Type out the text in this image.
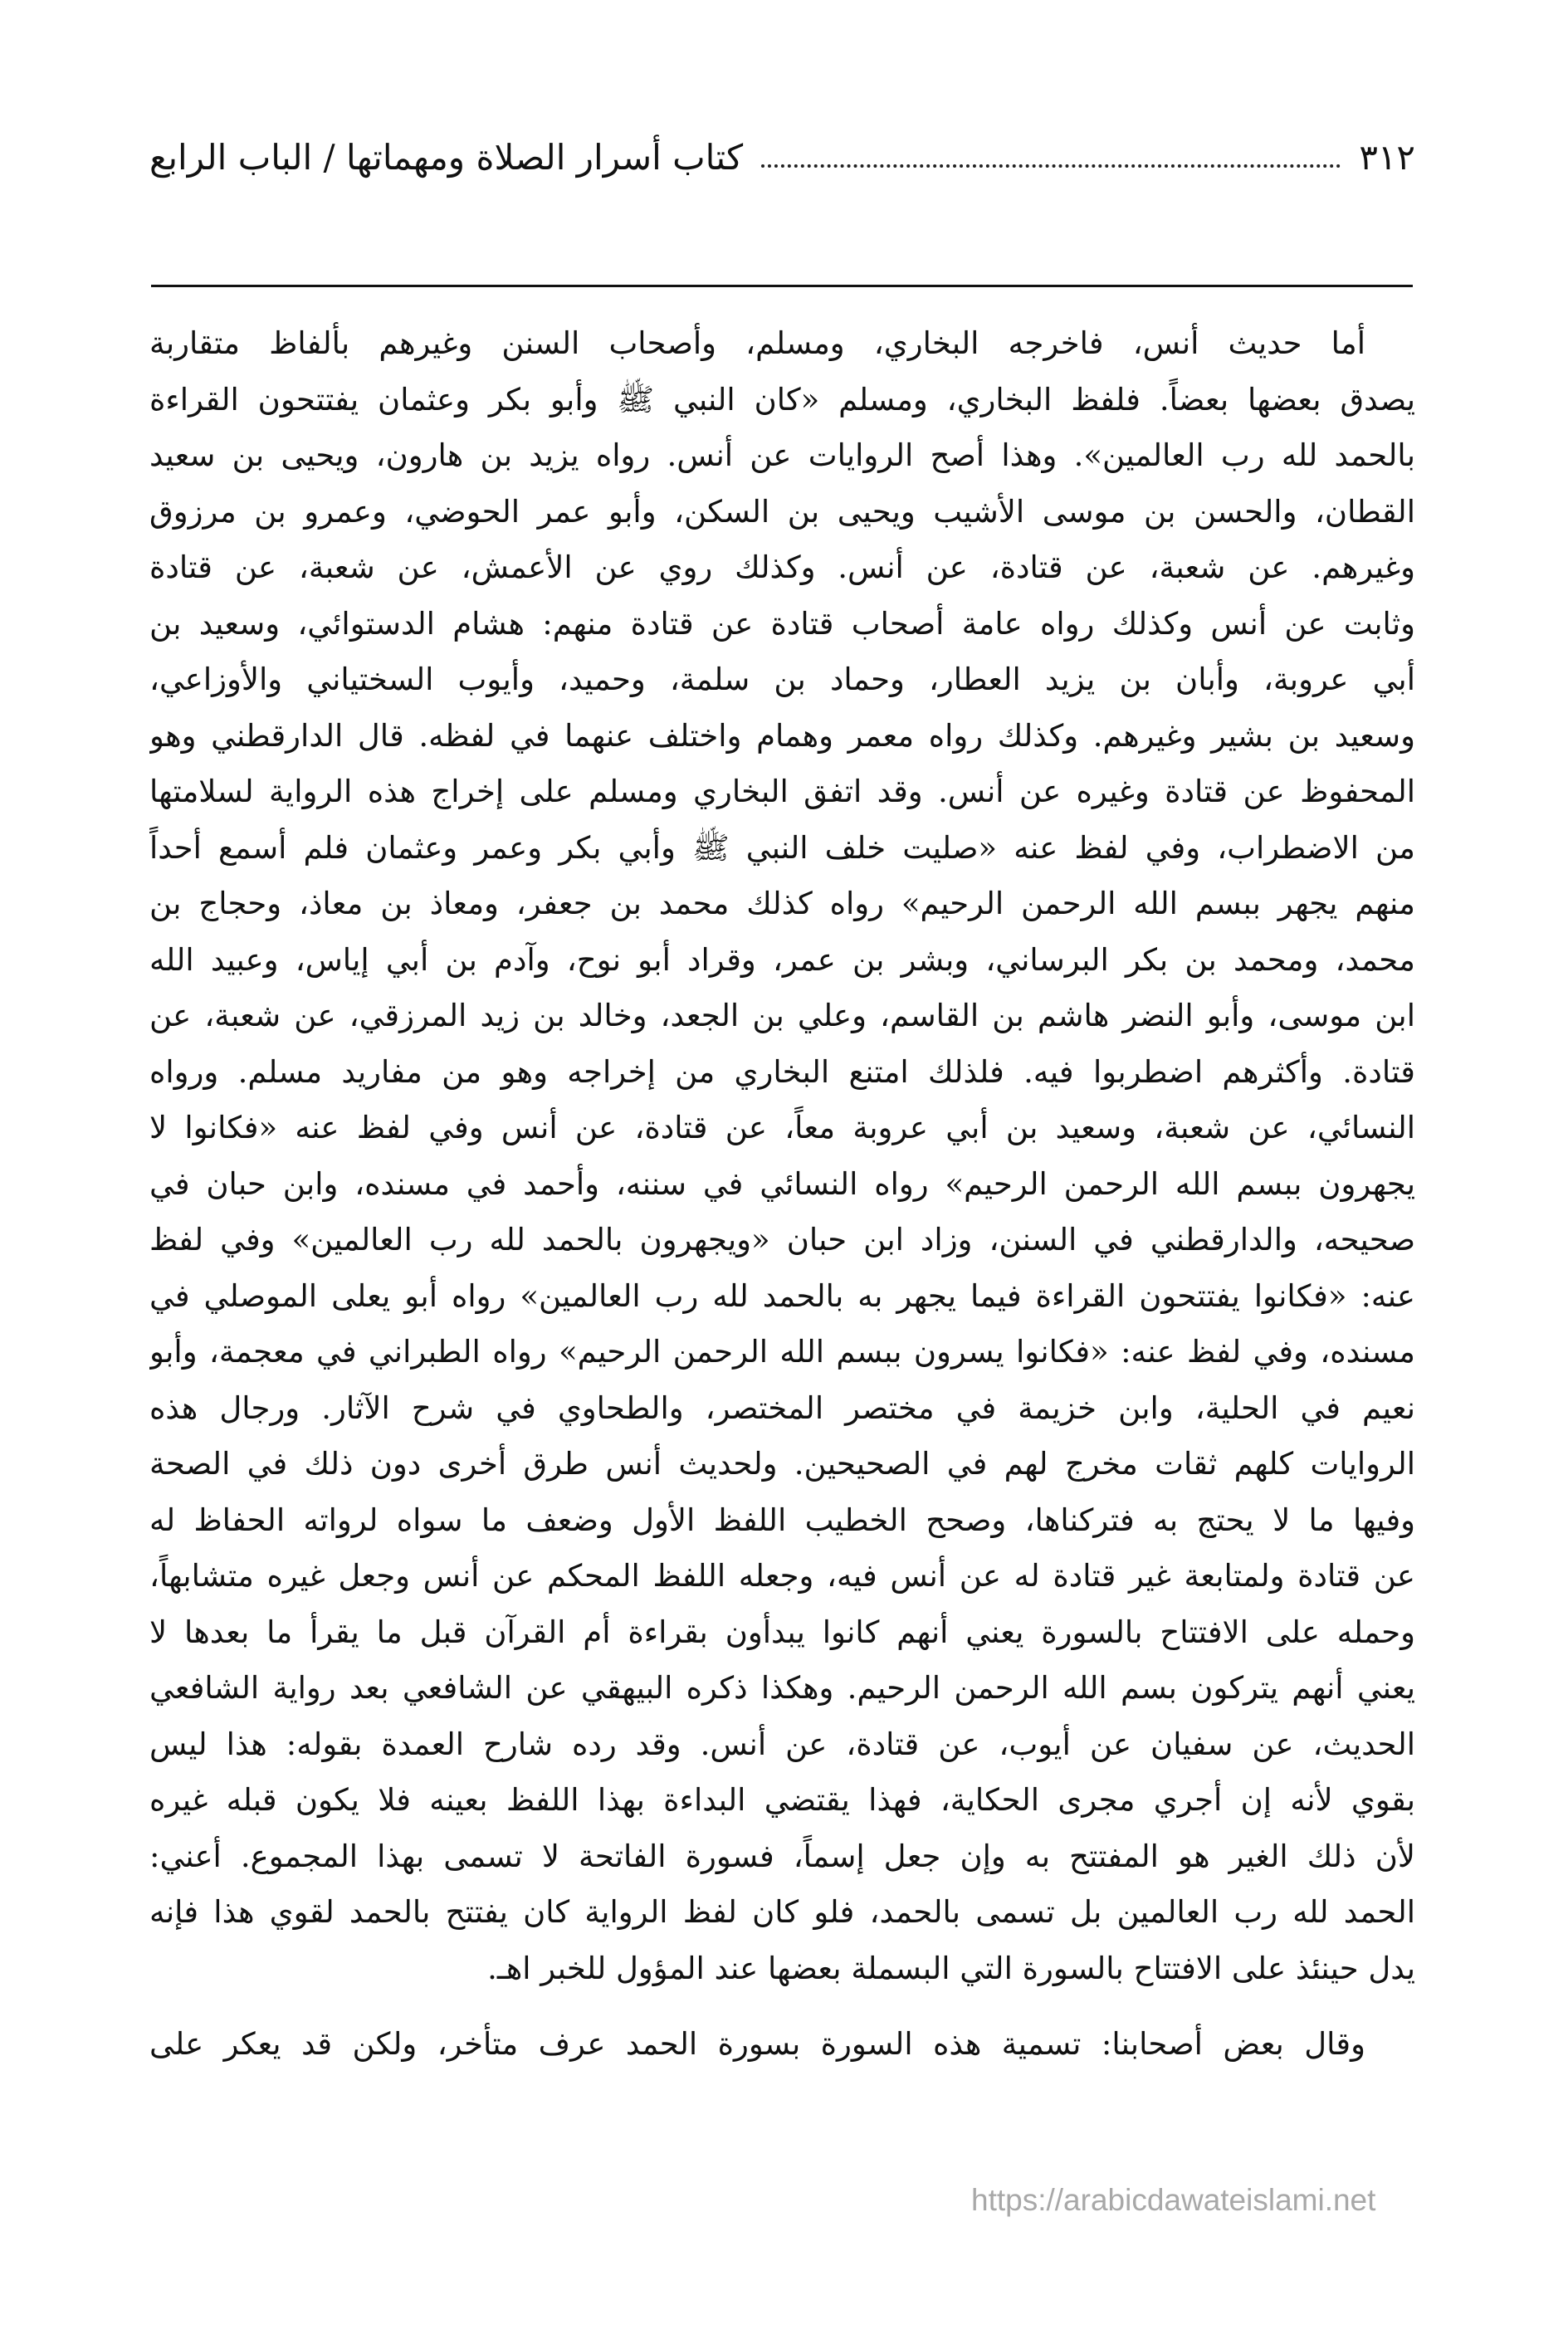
٣١٢
كتاب أسرار الصلاة ومهماتها / الباب الرابع
أما حديث أنس، فاخرجه البخاري، ومسلم، وأصحاب السنن وغيرهم بألفاظ متقاربة
يصدق بعضها بعضاً. فلفظ البخاري، ومسلم «كان النبي ﷺ وأبو بكر وعثمان يفتتحون القراءة
بالحمد لله رب العالمين». وهذا أصح الروايات عن أنس. رواه يزيد بن هارون، ويحيى بن سعيد
القطان، والحسن بن موسى الأشيب ويحيى بن السكن، وأبو عمر الحوضي، وعمرو بن مرزوق
وغيرهم. عن شعبة، عن قتادة، عن أنس. وكذلك روي عن الأعمش، عن شعبة، عن قتادة
وثابت عن أنس وكذلك رواه عامة أصحاب قتادة عن قتادة منهم: هشام الدستوائي، وسعيد بن
أبي عروبة، وأبان بن يزيد العطار، وحماد بن سلمة، وحميد، وأيوب السختياني والأوزاعي،
وسعيد بن بشير وغيرهم. وكذلك رواه معمر وهمام واختلف عنهما في لفظه. قال الدارقطني وهو
المحفوظ عن قتادة وغيره عن أنس. وقد اتفق البخاري ومسلم على إخراج هذه الرواية لسلامتها
من الاضطراب، وفي لفظ عنه «صليت خلف النبي ﷺ وأبي بكر وعمر وعثمان فلم أسمع أحداً
منهم يجهر ببسم الله الرحمن الرحيم» رواه كذلك محمد بن جعفر، ومعاذ بن معاذ، وحجاج بن
محمد، ومحمد بن بكر البرساني، وبشر بن عمر، وقراد أبو نوح، وآدم بن أبي إياس، وعبيد الله
ابن موسى، وأبو النضر هاشم بن القاسم، وعلي بن الجعد، وخالد بن زيد المرزقي، عن شعبة، عن
قتادة. وأكثرهم اضطربوا فيه. فلذلك امتنع البخاري من إخراجه وهو من مفاريد مسلم. ورواه
النسائي، عن شعبة، وسعيد بن أبي عروبة معاً، عن قتادة، عن أنس وفي لفظ عنه «فكانوا لا
يجهرون ببسم الله الرحمن الرحيم» رواه النسائي في سننه، وأحمد في مسنده، وابن حبان في
صحيحه، والدارقطني في السنن، وزاد ابن حبان «ويجهرون بالحمد لله رب العالمين» وفي لفظ
عنه: «فكانوا يفتتحون القراءة فيما يجهر به بالحمد لله رب العالمين» رواه أبو يعلى الموصلي في
مسنده، وفي لفظ عنه: «فكانوا يسرون ببسم الله الرحمن الرحيم» رواه الطبراني في معجمة، وأبو
نعيم في الحلية، وابن خزيمة في مختصر المختصر، والطحاوي في شرح الآثار. ورجال هذه
الروايات كلهم ثقات مخرج لهم في الصحيحين. ولحديث أنس طرق أخرى دون ذلك في الصحة
وفيها ما لا يحتج به فتركناها، وصحح الخطيب اللفظ الأول وضعف ما سواه لرواته الحفاظ له
عن قتادة ولمتابعة غير قتادة له عن أنس فيه، وجعله اللفظ المحكم عن أنس وجعل غيره متشابهاً،
وحمله على الافتتاح بالسورة يعني أنهم كانوا يبدأون بقراءة أم القرآن قبل ما يقرأ ما بعدها لا
يعني أنهم يتركون بسم الله الرحمن الرحيم. وهكذا ذكره البيهقي عن الشافعي بعد رواية الشافعي
الحديث، عن سفيان عن أيوب، عن قتادة، عن أنس. وقد رده شارح العمدة بقوله: هذا ليس
بقوي لأنه إن أجري مجرى الحكاية، فهذا يقتضي البداءة بهذا اللفظ بعينه فلا يكون قبله غيره
لأن ذلك الغير هو المفتتح به وإن جعل إسماً، فسورة الفاتحة لا تسمى بهذا المجموع. أعني:
الحمد لله رب العالمين بل تسمى بالحمد، فلو كان لفظ الرواية كان يفتتح بالحمد لقوي هذا فإنه
يدل حينئذ على الافتتاح بالسورة التي البسملة بعضها عند المؤول للخبر اهـ.
وقال بعض أصحابنا: تسمية هذه السورة بسورة الحمد عرف متأخر، ولكن قد يعكر على
https://arabicdawateislami.net
